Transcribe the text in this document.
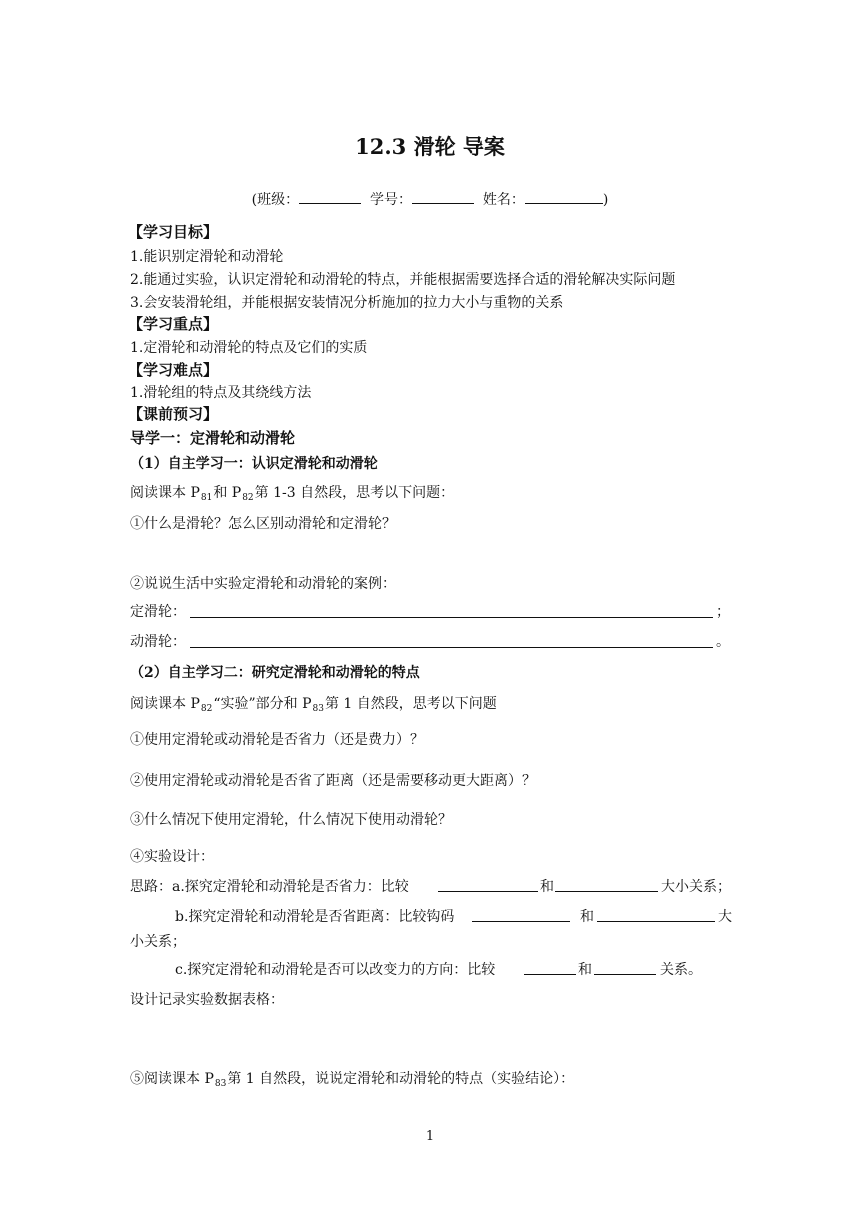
12.3 滑轮 导案
(班级：	学号：	姓名：	)
【学习目标】
1.能识别定滑轮和动滑轮
2.能通过实验，认识定滑轮和动滑轮的特点，并能根据需要选择合适的滑轮解决实际问题
3.会安装滑轮组，并能根据安装情况分析施加的拉力大小与重物的关系
【学习重点】
1.定滑轮和动滑轮的特点及它们的实质
【学习难点】
1.滑轮组的特点及其绕线方法
【课前预习】
导学一：定滑轮和动滑轮
（1）自主学习一：认识定滑轮和动滑轮
阅读课本 $P_{81}$和 $P_{82}$第 1-3 自然段，思考以下问题：
①什么是滑轮？怎么区别动滑轮和定滑轮？
②说说生活中实验定滑轮和动滑轮的案例：
定滑轮：	；
动滑轮：	。
（2）自主学习二：研究定滑轮和动滑轮的特点
阅读课本 $P_{82}“$实验”部分和 $P_{83}$第 1 自然段，思考以下问题
①使用定滑轮或动滑轮是否省力（还是费力）？
②使用定滑轮或动滑轮是否省了距离（还是需要移动更大距离）？
③什么情况下使用定滑轮，什么情况下使用动滑轮？
④实验设计：
思路：a.探究定滑轮和动滑轮是否省力：比较	和	大小关系；
b.探究定滑轮和动滑轮是否省距离：比较钩码	和	大
小关系；
c.探究定滑轮和动滑轮是否可以改变力的方向：比较	和	关系。
设计记录实验数据表格：
⑤阅读课本 $P_{83}$第 1 自然段，说说定滑轮和动滑轮的特点（实验结论）：
1
